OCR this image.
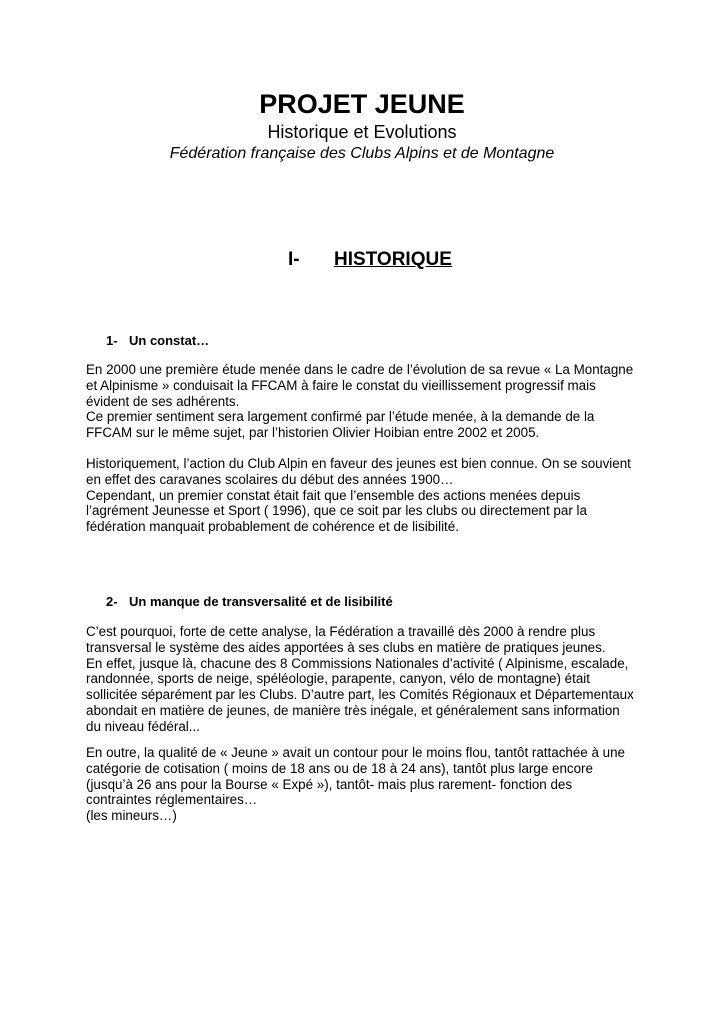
PROJET JEUNE
Historique et Evolutions
Fédération française des Clubs Alpins et de Montagne
I- HISTORIQUE
1- Un constat…

En 2000 une première étude menée dans le cadre de l’évolution de sa revue « La Montagne
et Alpinisme » conduisait la FFCAM à faire le constat du vieillissement progressif mais
évident de ses adhérents.
Ce premier sentiment sera largement confirmé par l’étude menée, à la demande de la
FFCAM sur le même sujet, par l’historien Olivier Hoibian entre 2002 et 2005.

Historiquement, l’action du Club Alpin en faveur des jeunes est bien connue. On se souvient
en effet des caravanes scolaires du début des années 1900…
Cependant, un premier constat était fait que l’ensemble des actions menées depuis
l’agrément Jeunesse et Sport ( 1996), que ce soit par les clubs ou directement par la
fédération manquait probablement de cohérence et de lisibilité.

2- Un manque de transversalité et de lisibilité

C’est pourquoi, forte de cette analyse, la Fédération a travaillé dès 2000 à rendre plus
transversal le système des aides apportées à ses clubs en matière de pratiques jeunes.
En effet, jusque là, chacune des 8 Commissions Nationales d’activité ( Alpinisme, escalade,
randonnée, sports de neige, spéléologie, parapente, canyon, vélo de montagne) était
sollicitée séparément par les Clubs. D’autre part, les Comités Régionaux et Départementaux
abondait en matière de jeunes, de manière très inégale, et généralement sans information
du niveau fédéral...

En outre, la qualité de « Jeune » avait un contour pour le moins flou, tantôt rattachée à une
catégorie de cotisation ( moins de 18 ans ou de 18 à 24 ans), tantôt plus large encore
(jusqu’à 26 ans pour la Bourse « Expé »), tantôt- mais plus rarement- fonction des
contraintes réglementaires…
(les mineurs…)
